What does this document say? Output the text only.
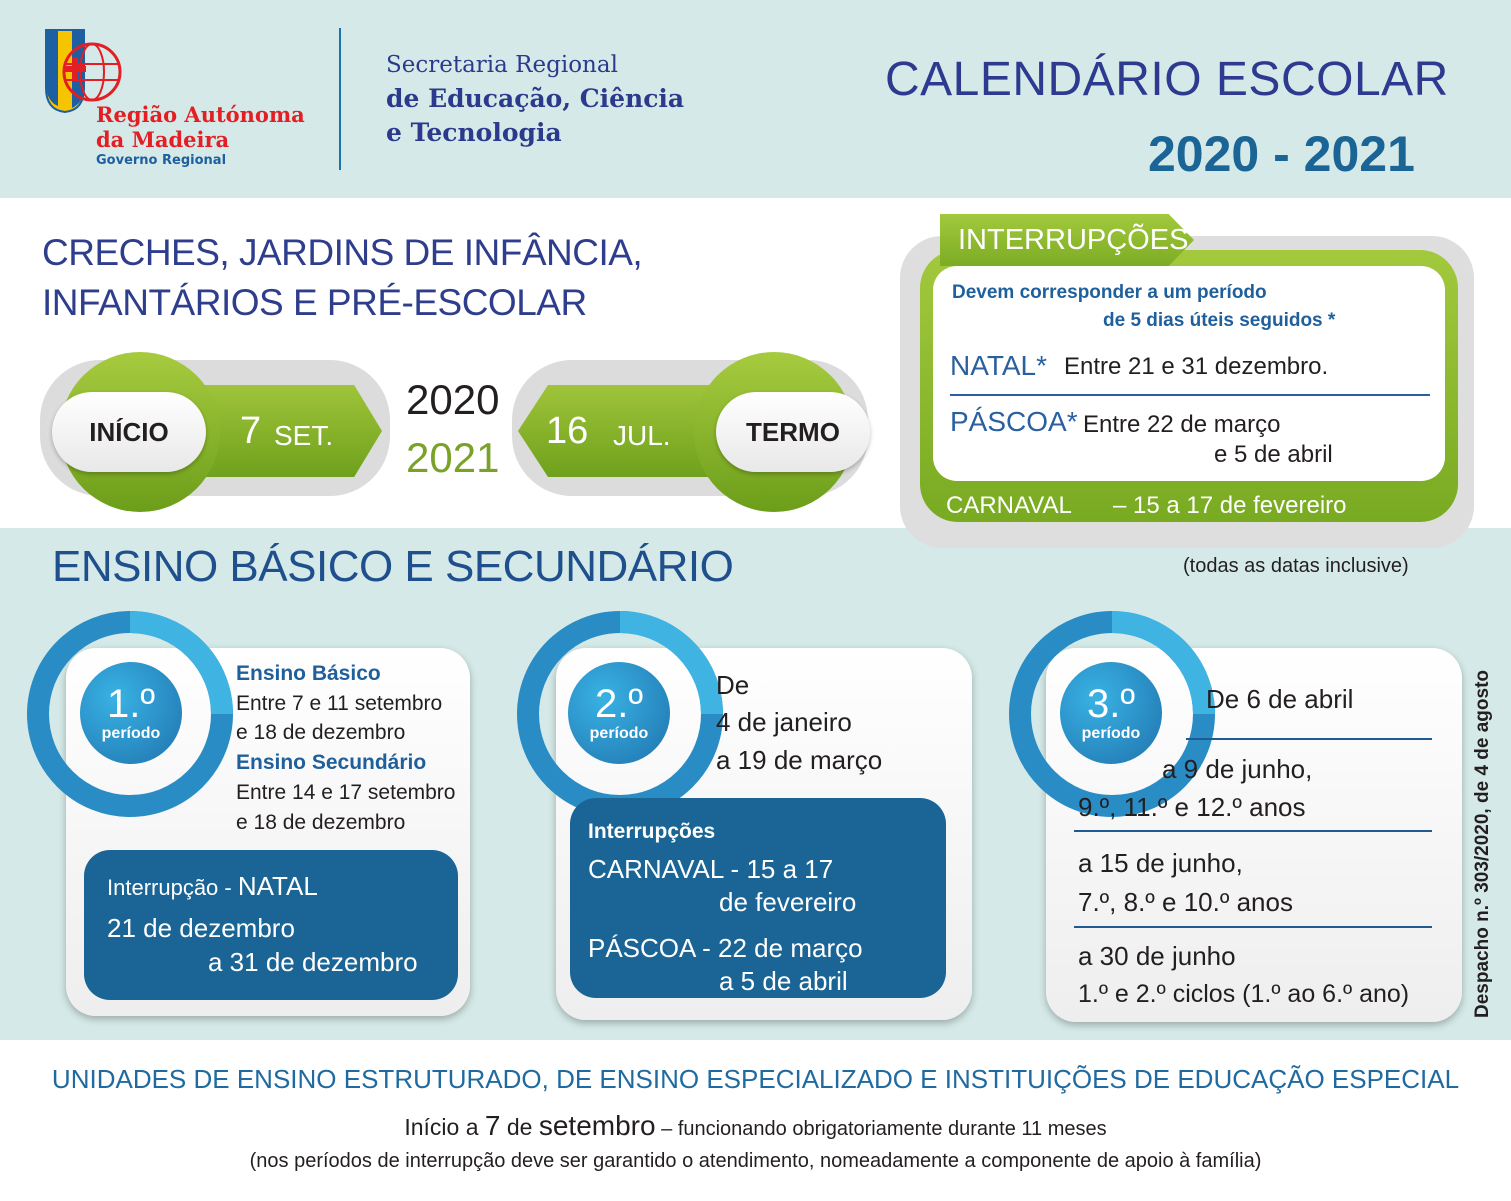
Região Autónoma
da Madeira
Governo Regional
Secretaria Regional
de Educação, Ciência
e Tecnologia
CALENDÁRIO ESCOLAR
2020 - 2021
CRECHES, JARDINS DE INFÂNCIA,
INFANTÁRIOS E PRÉ-ESCOLAR
INÍCIO	7 SET.
2020
2021
TERMO
16 JUL.
INTERRUPÇÕES
Devem corresponder a um período
de 5 dias úteis seguidos *
NATAL* Entre 21 e 31 dezembro.
PÁSCOA* Entre 22 de março
e 5 de abril
CARNAVAL – 15 a 17 de fevereiro
ENSINO BÁSICO E SECUNDÁRIO	(todas as datas inclusive)
Despacho n.º 303/2020, de 4 de agosto
1.º
período
Ensino Básico
Entre 7 e 11 setembro
e 18 de dezembro
Ensino Secundário
Entre 14 e 17 setembro
e 18 de dezembro
Interrupção - NATAL
21 de dezembro
a 31 de dezembro
2.º
período
De
4 de janeiro
a 19 de março
Interrupções
CARNAVAL - 15 a 17
de fevereiro
PÁSCOA - 22 de março
a 5 de abril
3.º
período
De 6 de abril
a 9 de junho,
9.º, 11.º e 12.º anos
a 15 de junho,
7.º, 8.º e 10.º anos
a 30 de junho
1.º e 2.º ciclos (1.º ao 6.º ano)
UNIDADES DE ENSINO ESTRUTURADO, DE ENSINO ESPECIALIZADO E INSTITUIÇÕES DE EDUCAÇÃO ESPECIAL
Início a 7 de setembro – funcionando obrigatoriamente durante 11 meses
(nos períodos de interrupção deve ser garantido o atendimento, nomeadamente a componente de apoio à família)
